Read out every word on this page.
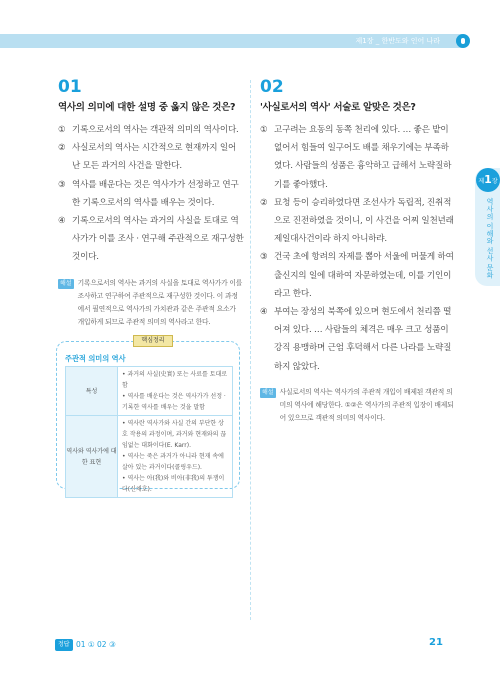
제1장 _ 한반도와 인어 나라
01
역사의 의미에 대한 설명 중 옳지 않은 것은?
① 기록으로서의 역사는 객관적 의미의 역사이다.
② 사실로서의 역사는 시간적으로 현재까지 일어난 모든 과거의 사건을 말한다.
③ 역사를 배운다는 것은 역사가가 선정하고 연구한 기록으로서의 역사를 배우는 것이다.
④ 기록으로서의 역사는 과거의 사실을 토대로 역사가가 이를 조사 · 연구해 주관적으로 재구성한 것이다.
해설 기록으로서의 역사는 과거의 사실을 토대로 역사가가 이를 조사하고 연구하여 주관적으로 재구성한 것이다. 이 과정에서 필연적으로 역사가의 가치관과 같은 주관적 요소가 개입하게 되므로 주관적 의미의 역사라고 한다.
핵심정리
주관적 의미의 역사
특성	• 과거의 사실(史實) 또는 사료를 토대로 함
• 역사를 배운다는 것은 역사가가 선정 · 기록한 역사를 배우는 것을 말함

역사와 역사가에 대한 표현	• 역사란 역사가와 사실 간의 부단한 상호 작용의 과정이며, 과거와 현재와의 끊임없는 대화이다(E. Karr).
• 역사는 죽은 과거가 아니라 현재 속에 살아 있는 과거이다(콜링우드).
• 역사는 아(我)와 비아(非我)의 투쟁이다(신채호).
02
'사실로서의 역사' 서술로 알맞은 것은?
① 고구려는 요동의 동쪽 천리에 있다. … 좋은 밭이 없어서 힘들여 일구어도 배를 채우기에는 부족하였다. 사람들의 성품은 흉악하고 급해서 노략질하기를 좋아했다.
② 묘청 등이 승리하였다면 조선사가 독립적, 진취적으로 진전하였을 것이니, 이 사건을 어찌 일천년래 제일대사건이라 하지 아니하랴.
③ 건국 초에 항려의 자제를 뽑아 서울에 머물게 하여 출신지의 일에 대하여 자문하였는데, 이를 기인이라고 한다.
④ 부여는 장성의 북쪽에 있으며 현도에서 천리쯤 떨어져 있다. … 사람들의 체격은 매우 크고 성품이 강직 용맹하며 근엄 후덕해서 다른 나라를 노략질 하지 않았다.
해설 사실로서의 역사는 역사가의 주관적 개입이 배제된 객관적 의미의 역사에 해당한다. ①②은 역사가의 주관적 입장이 배제되어 있으므로 객관적 의미의 역사이다.
제1장
역사의 이해와 선사 문화
정답 01 ① 02 ③	21
